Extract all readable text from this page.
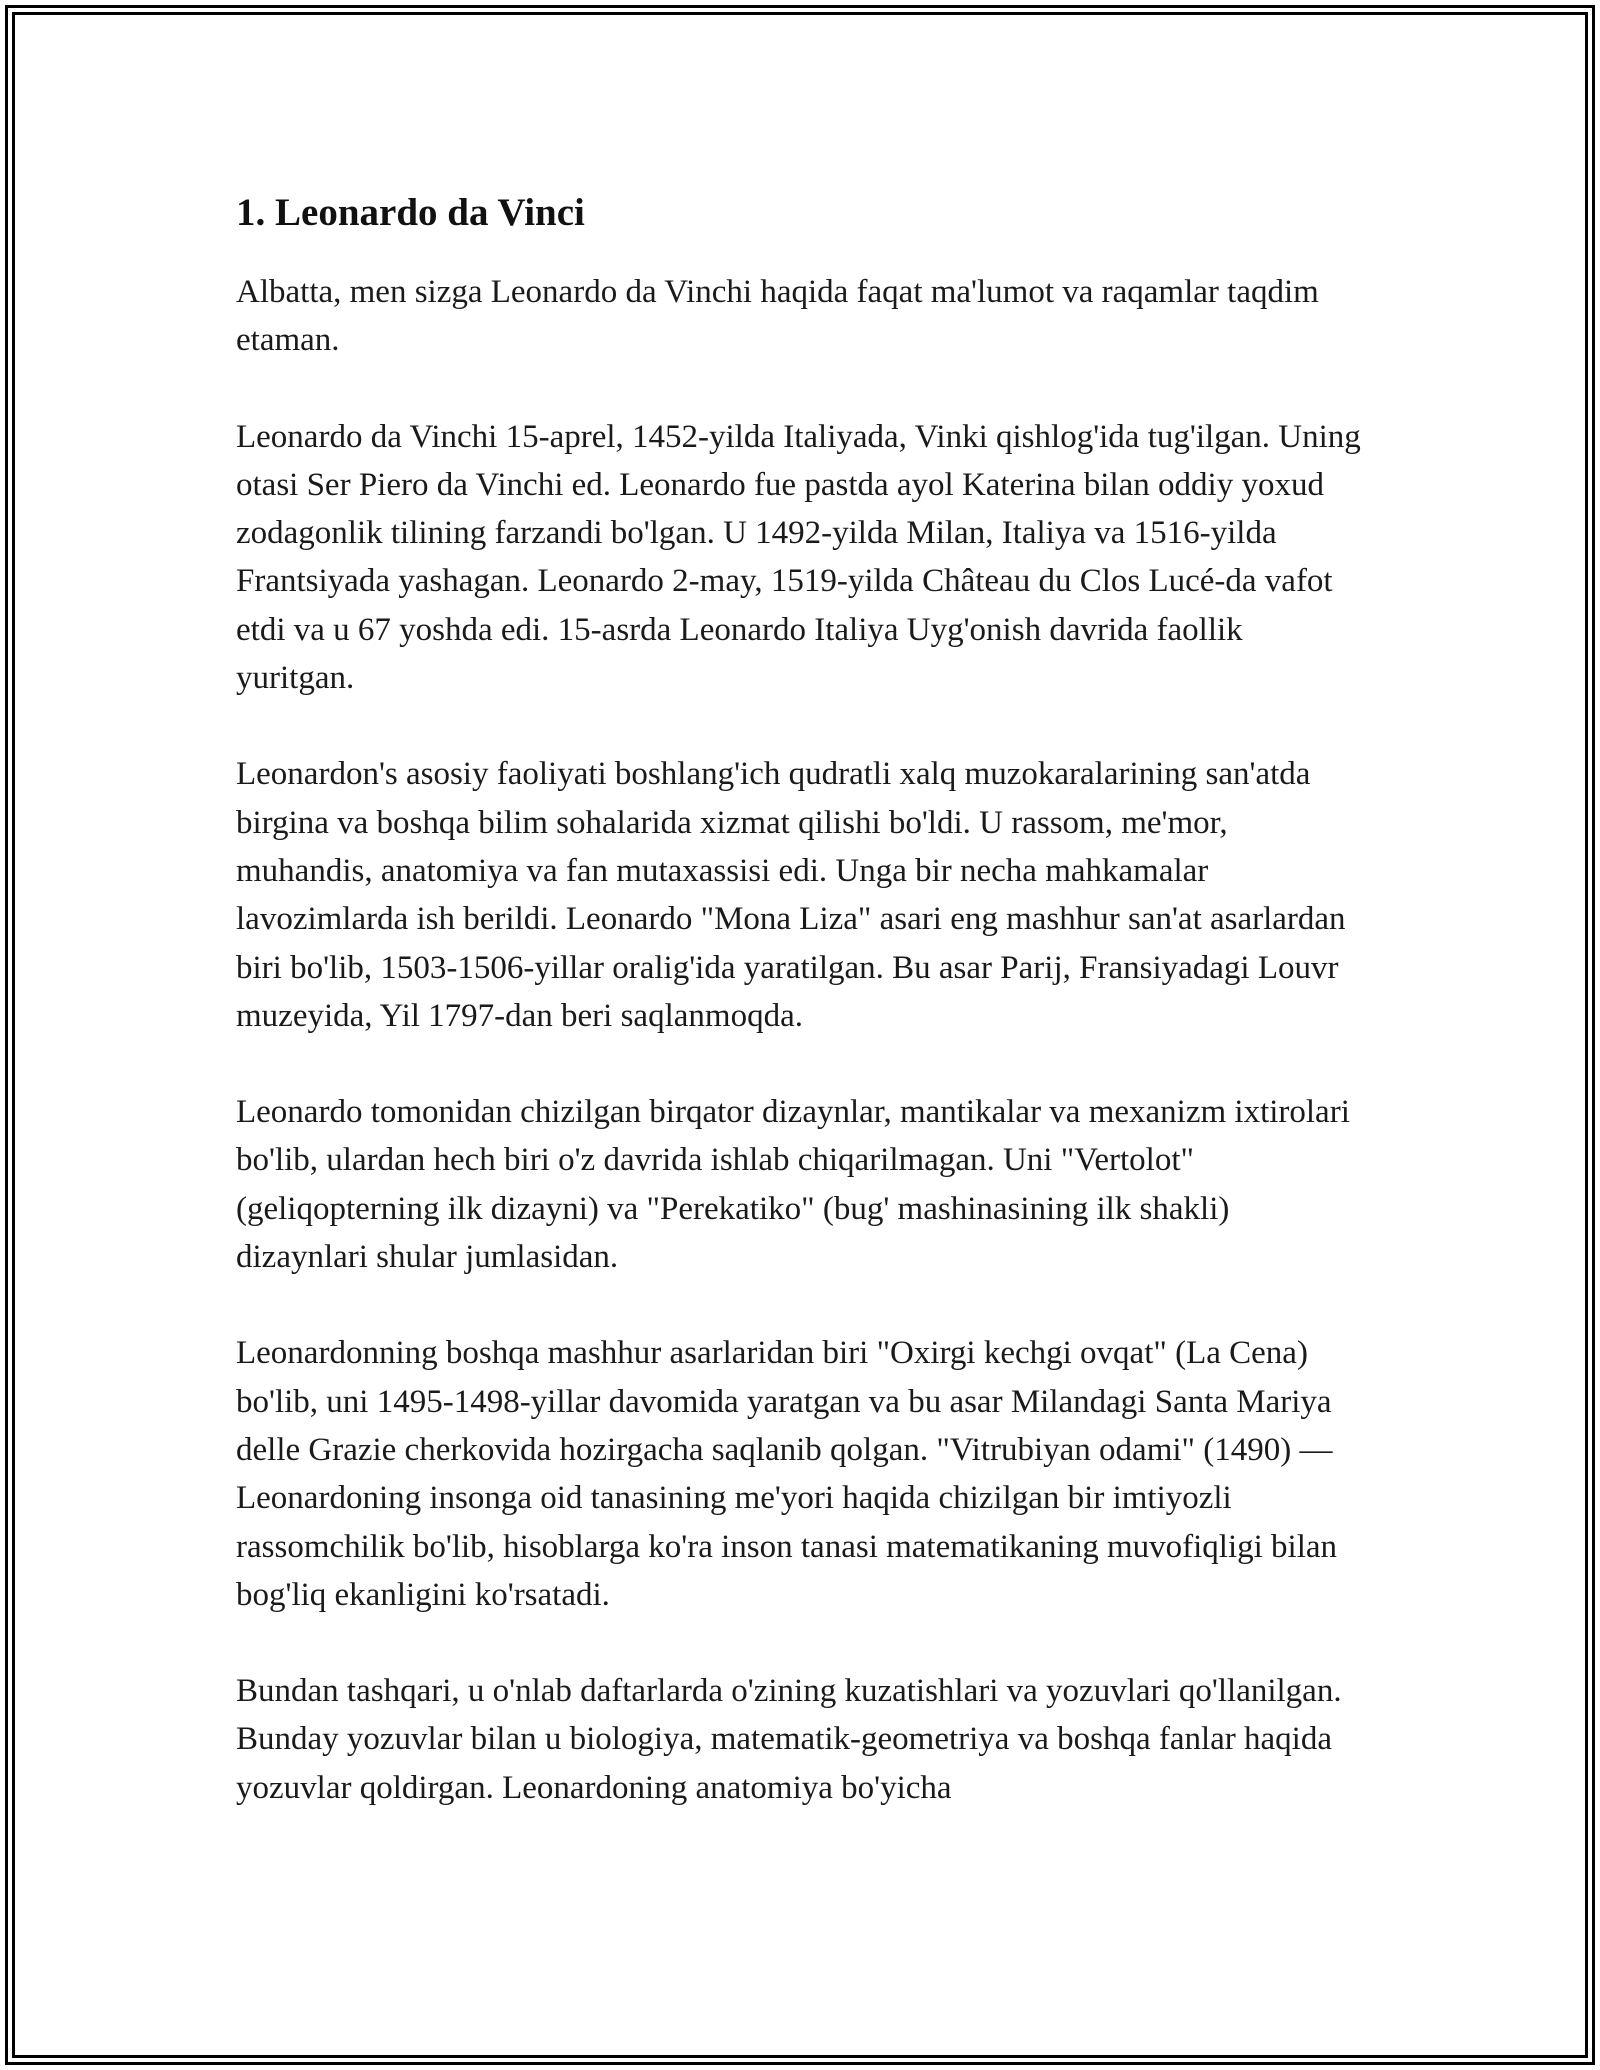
1. Leonardo da Vinci

Albatta, men sizga Leonardo da Vinchi haqida faqat ma'lumot va raqamlar taqdim etaman.

Leonardo da Vinchi 15-aprel, 1452-yilda Italiyada, Vinki qishlog'ida tug'ilgan. Uning otasi Ser Piero da Vinchi ed. Leonardo fue pastda ayol Katerina bilan oddiy yoxud zodagonlik tilining farzandi bo'lgan. U 1492-yilda Milan, Italiya va 1516-yilda Frantsiyada yashagan. Leonardo 2-may, 1519-yilda Château du Clos Lucé-da vafot etdi va u 67 yoshda edi. 15-asrda Leonardo Italiya Uyg'onish davrida faollik yuritgan.

Leonardon's asosiy faoliyati boshlang'ich qudratli xalq muzokaralarining san'atda birgina va boshqa bilim sohalarida xizmat qilishi bo'ldi. U rassom, me'mor, muhandis, anatomiya va fan mutaxassisi edi. Unga bir necha mahkamalar lavozimlarda ish berildi. Leonardo "Mona Liza" asari eng mashhur san'at asarlardan biri bo'lib, 1503-1506-yillar oralig'ida yaratilgan. Bu asar Parij, Fransiyadagi Louvr muzeyida, Yil 1797-dan beri saqlanmoqda.

Leonardo tomonidan chizilgan birqator dizaynlar, mantikalar va mexanizm ixtirolari bo'lib, ulardan hech biri o'z davrida ishlab chiqarilmagan. Uni "Vertolot" (geliqopterning ilk dizayni) va "Perekatiko" (bug' mashinasining ilk shakli) dizaynlari shular jumlasidan.

Leonardonning boshqa mashhur asarlaridan biri "Oxirgi kechgi ovqat" (La Cena) bo'lib, uni 1495-1498-yillar davomida yaratgan va bu asar Milandagi Santa Mariya delle Grazie cherkovida hozirgacha saqlanib qolgan. "Vitrubiyan odami" (1490) — Leonardoning insonga oid tanasining me'yori haqida chizilgan bir imtiyozli rassomchilik bo'lib, hisoblarga ko'ra inson tanasi matematikaning muvofiqligi bilan bog'liq ekanligini ko'rsatadi.

Bundan tashqari, u o'nlab daftarlarda o'zining kuzatishlari va yozuvlari qo'llanilgan. Bunday yozuvlar bilan u biologiya, matematik-geometriya va boshqa fanlar haqida yozuvlar qoldirgan. Leonardoning anatomiya bo'yicha
